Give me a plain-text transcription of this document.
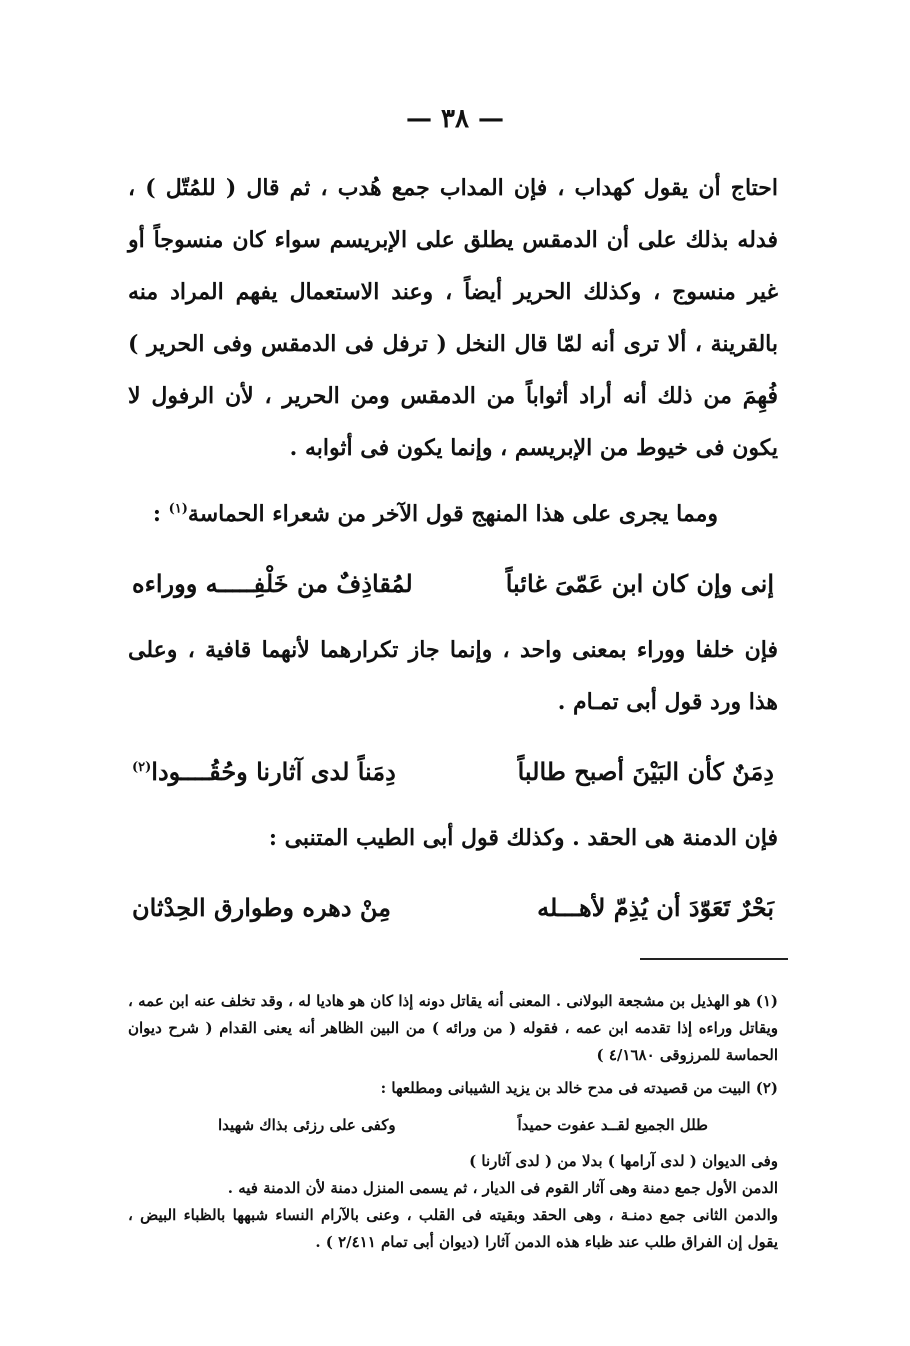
— ٣٨ —

احتاج أن يقول كهداب ، فإن المداب جمع هُدب ، ثم قال ( للمُتّل ) ، فدله بذلك على أن الدمقس يطلق على الإبريسم سواء كان منسوجاً أو غير منسوج ، وكذلك الحرير أيضاً ، وعند الاستعمال يفهم المراد منه بالقرينة ، ألا ترى أنه لمّا قال النخل ( ترفل فى الدمقس وفى الحرير ) فُهِمَ من ذلك أنه أراد أثواباً من الدمقس ومن الحرير ، لأن الرفول لا يكون فى خيوط من الإبريسم ، وإنما يكون فى أثوابه .

ومما يجرى على هذا المنهج قول الآخر من شعراء الحماسة$^{(١)}$ :

إنى وإن كان ابن عَمّىَ غائباً
لمُقاذِفٌ من خَلْفِـــــه ووراءه

فإن خلفا ووراء بمعنى واحد ، وإنما جاز تكرارهما لأنهما قافية ، وعلى هذا ورد قول أبى تمـام .

دِمَنٌ كأن البَيْنَ أصبح طالباً
دِمَناً لدى آثارنا وحُقُــــودا$^{(٢)}$

فإن الدمنة هى الحقد . وكذلك قول أبى الطيب المتنبى :

بَحْرٌ تَعَوّدَ أن يُذِمّ لأهـــله
مِنْ دهره وطوارق الحِدْثان

(١) هو الهذيل بن مشجعة البولانى . المعنى أنه يقاتل دونه إذا كان هو هاديا له ، وقد تخلف عنه ابن عمه ، ويقاتل وراءه إذا تقدمه ابن عمه ، فقوله ( من ورائه ) من البين الظاهر أنه يعنى القدام ( شرح ديوان الحماسة للمرزوقى ٤/١٦٨٠ )

(٢) البيت من قصيدته فى مدح خالد بن يزيد الشيبانى ومطلعها :

طلل الجميع لقــد عفوت حميداً
وكفى على رزئى بذاك شهيدا

وفى الديوان ( لدى آرامها ) بدلا من ( لدى آثارنا )

الدمن الأول جمع دمنة وهى آثار القوم فى الديار ، ثم يسمى المنزل دمنة لأن الدمنة فيه .

والدمن الثانى جمع دمنـة ، وهى الحقد وبقيته فى القلب ، وعنى بالآرام النساء شبهها بالظباء البيض ، يقول إن الفراق طلب عند ظباء هذه الدمن آثارا (ديوان أبى تمام ٢/٤١١ ) .
